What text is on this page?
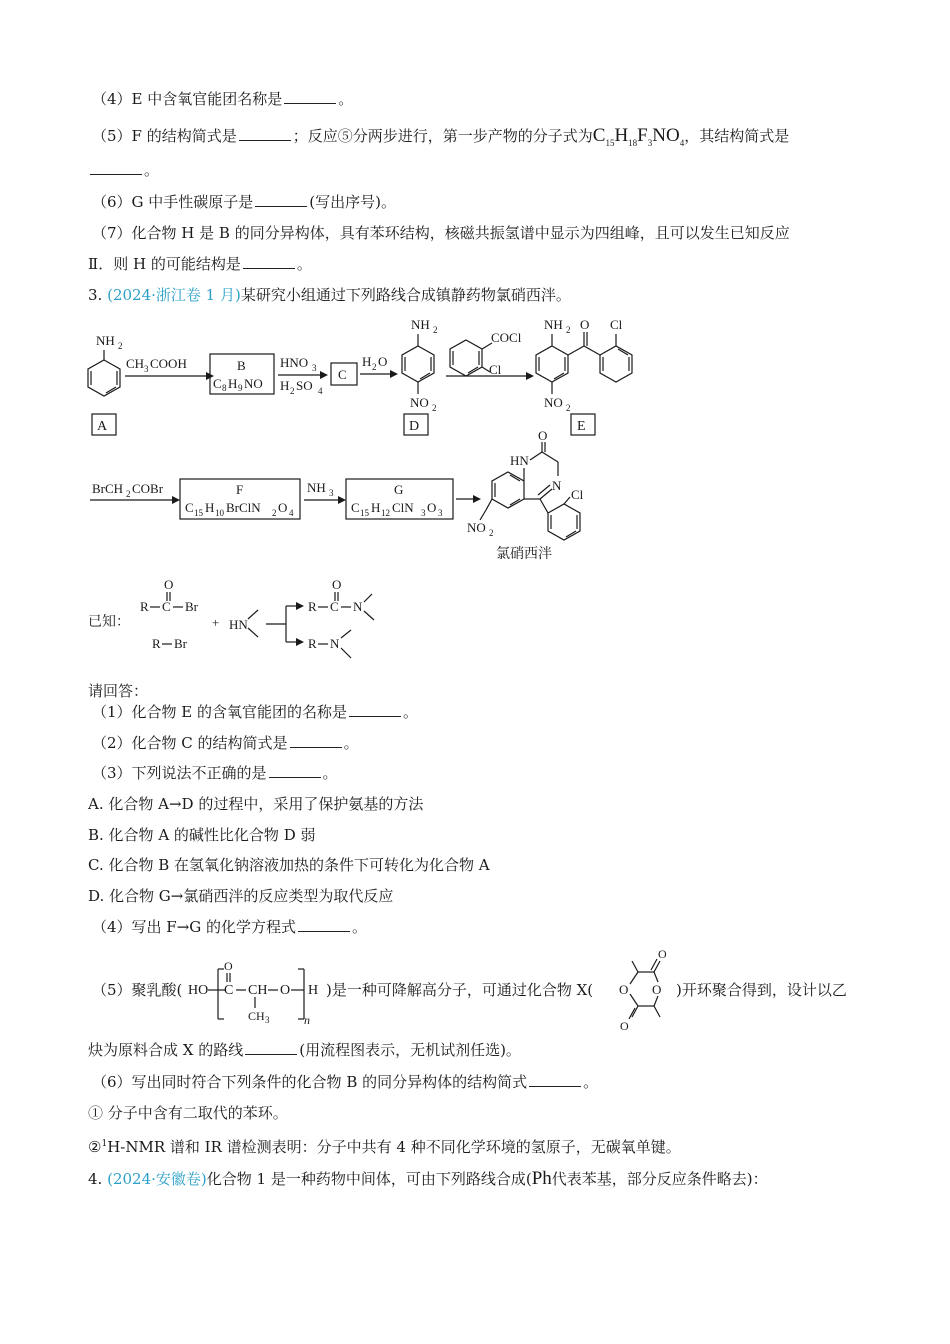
（4）E 中含氧官能团名称是	。
（5）F 的结构简式是	；反应⑤分两步进行，第一步产物的分子式为$C_{15}H_{18}F_3NO_4$，其结构简式是
。
（6）G 中手性碳原子是	(写出序号)。
（7）化合物 H 是 B 的同分异构体，具有苯环结构，核磁共振氢谱中显示为四组峰，且可以发生已知反应
Ⅱ．则 H 的可能结构是	。
3. (2024·浙江卷 1 月)某研究小组通过下列路线合成镇静药物氯硝西泮。
NH 2
A
CH 3 COOH	B
C 8 H 9 NO
HNO 3
H 2 SO 4
C
H 2 O
NH 2
NO 2
D
COCl
Cl
NH 2
NO 2
O Cl
E
BrCH 2 COBr	F
C 15 H 10 BrClN 2 O 4
NH 3	G
C 15 H 12 ClN 3 O 3
HN
O
N
Cl
NO 2
氯硝西泮
已知：
O
R C Br
R Br
+ HN
O
R C N
R N
n
HO
O
C CH
CH 3
O H	O O
O
O
请回答：
（1）化合物 E 的含氧官能团的名称是	。
（2）化合物 C 的结构简式是	。
（3）下列说法不正确的是	。
A. 化合物 A→D 的过程中，采用了保护氨基的方法
B. 化合物 A 的碱性比化合物 D 弱
C. 化合物 B 在氢氧化钠溶液加热的条件下可转化为化合物 A
D. 化合物 G→氯硝西泮的反应类型为取代反应
（4）写出 F→G 的化学方程式	。
（5）聚乳酸(	)是一种可降解高分子，可通过化合物 X(	)开环聚合得到，设计以乙
炔为原料合成 X 的路线	(用流程图表示，无机试剂任选)。
（6）写出同时符合下列条件的化合物 B 的同分异构体的结构简式	。
① 分子中含有二取代的苯环。
②$^1$H-NMR 谱和 IR 谱检测表明：分子中共有 4 种不同化学环境的氢原子，无碳氧单键。
4. (2024·安徽卷)化合物 1 是一种药物中间体，可由下列路线合成(Ph代表苯基，部分反应条件略去)：
